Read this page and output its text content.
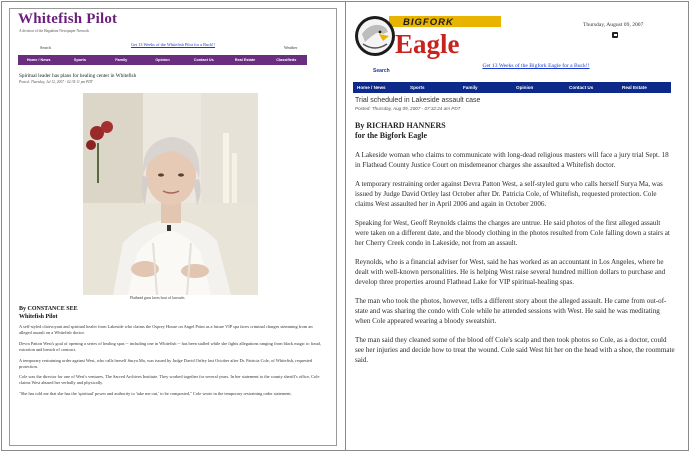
Whitefish Pilot
A division of the Hagadone Newspaper Network
Search
Get 13 Weeks of the Whitefish Pilot for a Buck!!
Weather
Home / News	Sports	Family	Opinion	Contact Us	Real Estate	Classifieds
Spiritual leader has plans for healing center in Whitefish
Posted: Thursday, Jul 12, 2007 - 02:35:11 pm PDT
Flathead guru faces host of lawsuits
By CONSTANCE SEE
Whitefish Pilot

A self-styled clairvoyant and spiritual healer from Lakeside who claims the Osprey House on Angel Point as a future VIP spa faces criminal charges stemming from an alleged assault on a Whitefish doctor.

Devra Patton West's goal of opening a series of healing spas -- including one in Whitefish -- has been stalled while she fights allegations ranging from black magic to fraud, extortion and breach of contract.

A temporary restraining order against West, who calls herself Surya Ma, was issued by Judge David Ortley last October after Dr. Patricia Cole, of Whitefish, requested protection.

Cole was the director for one of West's ventures, The Sacred Archives Institute. They worked together for several years. In her statement to the county sheriff's office, Cole claims West abused her verbally and physically.

"She has told me that she has the 'spiritual' power and authority to 'take me out,' to be composted," Cole wrote in the temporary restraining order statement.

BIGFORK
Eagle
Thursday, August 09, 2007
Search
Get 13 Weeks of the Bigfork Eagle for a Buck!!
Home / News	Sports	Family	Opinion	Contact Us	Real Estate
Trial scheduled in Lakeside assault case
Posted: Thursday, Aug 09, 2007 - 07:32:24 am PDT
By RICHARD HANNERS
for the Bigfork Eagle

A Lakeside woman who claims to communicate with long-dead religious masters will face a jury trial Sept. 18 in Flathead County Justice Court on misdemeanor charges she assaulted a Whitefish doctor.

A temporary restraining order against Devra Patton West, a self-styled guru who calls herself Surya Ma, was issued by Judge David Ortley last October after Dr. Patricia Cole, of Whitefish, requested protection. Cole claims West assaulted her in April 2006 and again in October 2006.

Speaking for West, Geoff Reynolds claims the charges are untrue. He said photos of the first alleged assault were taken on a different date, and the bloody clothing in the photos resulted from Cole falling down a stairs at her Cherry Creek condo in Lakeside, not from an assault.

Reynolds, who is a financial adviser for West, said he has worked as an accountant in Los Angeles, where he dealt with well-known personalities. He is helping West raise several hundred million dollars to purchase and develop three properties around Flathead Lake for VIP spiritual-healing spas.

The man who took the photos, however, tells a different story about the alleged assault. He came from out-of-state and was sharing the condo with Cole while he attended sessions with West. He said he was meditating when Cole appeared wearing a bloody sweatshirt.

The man said they cleaned some of the blood off Cole's scalp and then took photos so Cole, as a doctor, could see her injuries and decide how to treat the wound. Cole said West hit her on the head with a shoe, the roommate said.
